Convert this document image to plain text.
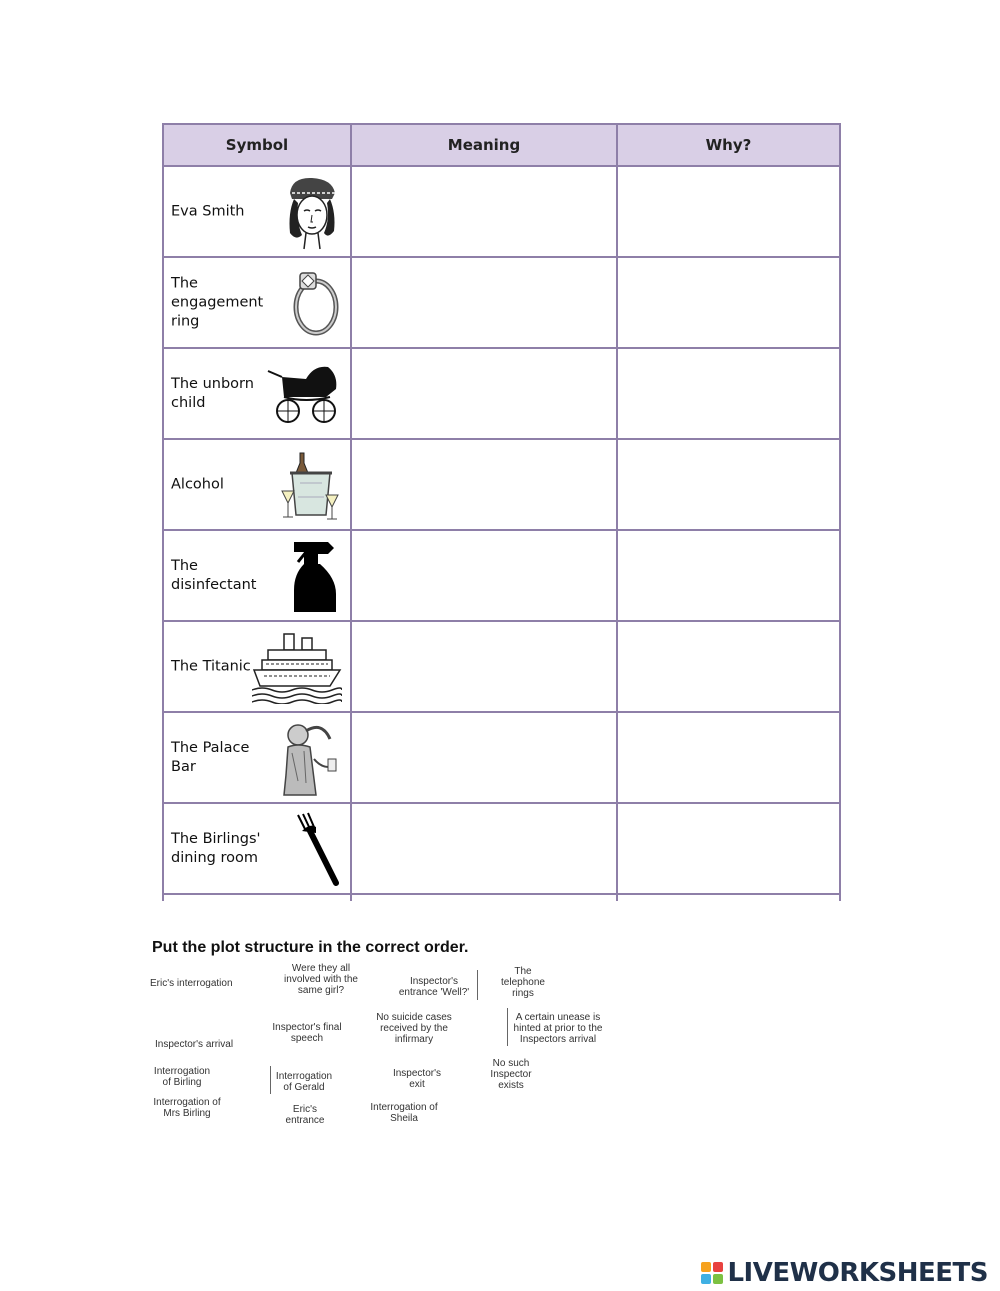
Symbol	Meaning	Why?

Eva Smith		

The engagement ring		

The unborn child		

Alcohol		

The disinfectant		

The Titanic		

The Palace Bar		

The Birlings' dining room		

Put the plot structure in the correct order.
Eric's interrogation
Were they all involved with the same girl?
Inspector's entrance 'Well?'
The telephone rings
No suicide cases received by the infirmary
A certain unease is hinted at prior to the Inspectors arrival
Inspector's final speech
Inspector's arrival
Interrogation of Birling
Interrogation of Gerald
Inspector's exit
No such Inspector exists
Interrogation of Mrs Birling	Eric's entrance
Interrogation of Sheila
LIVEWORKSHEETS
